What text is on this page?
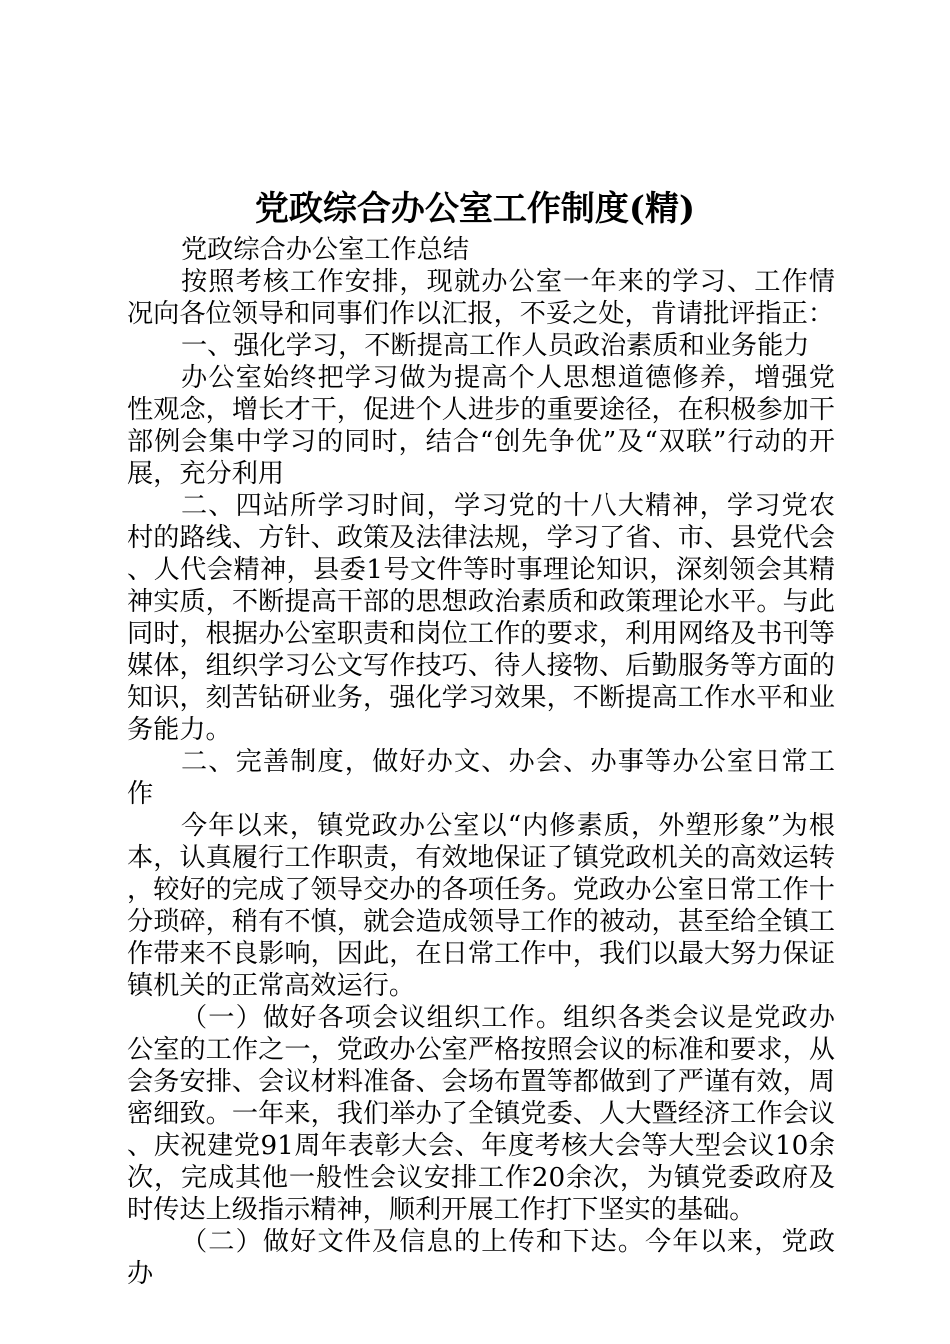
党政综合办公室工作制度(精)

党政综合办公室工作总结

按照考核工作安排，现就办公室一年来的学习、工作情况向各位领导和同事们作以汇报，不妥之处，肯请批评指正：

一、强化学习，不断提高工作人员政治素质和业务能力

办公室始终把学习做为提高个人思想道德修养，增强党性观念，增长才干，促进个人进步的重要途径，在积极参加干部例会集中学习的同时，结合“创先争优”及“双联”行动的开展，充分利用

二、四站所学习时间，学习党的十八大精神，学习党农村的路线、方针、政策及法律法规，学习了省、市、县党代会、人代会精神，县委1号文件等时事理论知识，深刻领会其精神实质，不断提高干部的思想政治素质和政策理论水平。与此同时，根据办公室职责和岗位工作的要求，利用网络及书刊等媒体，组织学习公文写作技巧、待人接物、后勤服务等方面的知识，刻苦钻研业务，强化学习效果，不断提高工作水平和业务能力。

二、完善制度，做好办文、办会、办事等办公室日常工作

今年以来，镇党政办公室以“内修素质，外塑形象”为根本，认真履行工作职责，有效地保证了镇党政机关的高效运转，较好的完成了领导交办的各项任务。党政办公室日常工作十分琐碎，稍有不慎，就会造成领导工作的被动，甚至给全镇工作带来不良影响，因此，在日常工作中，我们以最大努力保证镇机关的正常高效运行。

（一）做好各项会议组织工作。组织各类会议是党政办公室的工作之一，党政办公室严格按照会议的标准和要求，从会务安排、会议材料准备、会场布置等都做到了严谨有效，周密细致。一年来，我们举办了全镇党委、人大暨经济工作会议、庆祝建党91周年表彰大会、年度考核大会等大型会议10余次，完成其他一般性会议安排工作20余次，为镇党委政府及时传达上级指示精神，顺利开展工作打下坚实的基础。

（二）做好文件及信息的上传和下达。今年以来，党政办
